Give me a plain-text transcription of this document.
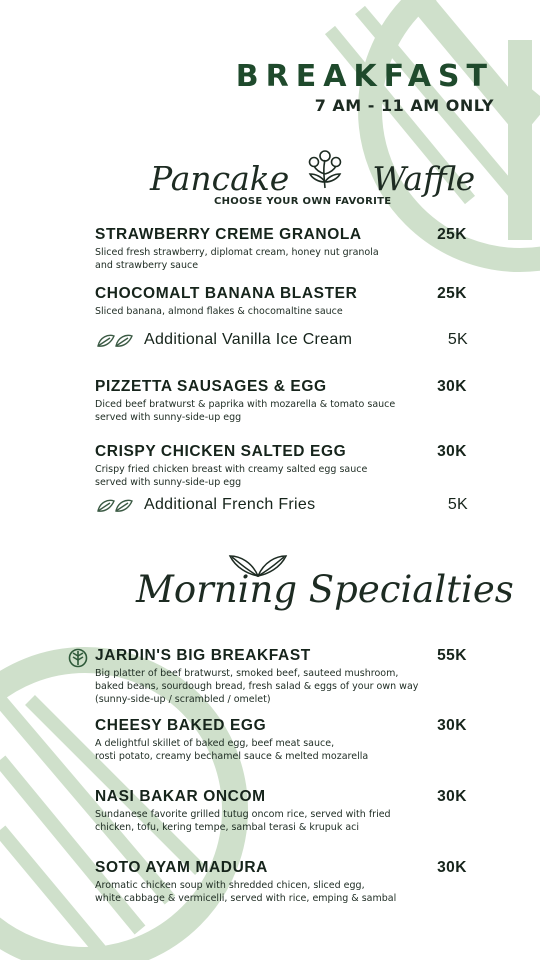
BREAKFAST
7 AM - 11 AM ONLY
Pancake	Waffle
CHOOSE YOUR OWN FAVORITE
STRAWBERRY CREME GRANOLA	25K
Sliced fresh strawberry, diplomat cream, honey nut granola
and strawberry sauce
CHOCOMALT BANANA BLASTER	25K
Sliced banana, almond flakes & chocomaltine sauce
Additional Vanilla Ice Cream	5K
PIZZETTA SAUSAGES & EGG	30K
Diced beef bratwurst & paprika with mozarella & tomato sauce
served with sunny-side-up egg
CRISPY CHICKEN SALTED EGG	30K
Crispy fried chicken breast with creamy salted egg sauce
served with sunny-side-up egg
Additional French Fries	5K
Morning Specialties
JARDIN'S BIG BREAKFAST	55K
Big platter of beef bratwurst, smoked beef, sauteed mushroom,
baked beans, sourdough bread, fresh salad & eggs of your own way
(sunny-side-up / scrambled / omelet)
CHEESY BAKED EGG	30K
A delightful skillet of baked egg, beef meat sauce,
rosti potato, creamy bechamel sauce & melted mozarella
NASI BAKAR ONCOM	30K
Sundanese favorite grilled tutug oncom rice, served with fried
chicken, tofu, kering tempe, sambal terasi & krupuk aci
SOTO AYAM MADURA	30K
Aromatic chicken soup with shredded chicen, sliced egg,
white cabbage & vermicelli, served with rice, emping & sambal
